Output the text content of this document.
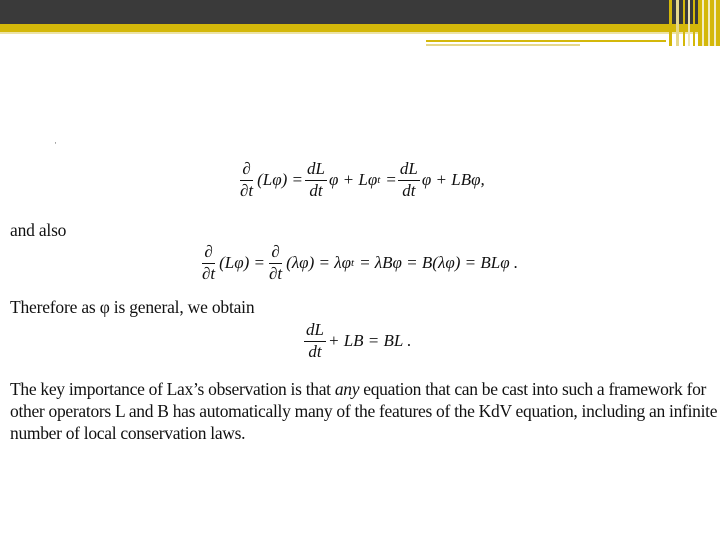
·
$\frac{\partial}{\partial t} (L\varphi) = \frac{dL}{dt}$ φ + Lφ $t = \frac{dL}{dt}$ φ + LBφ,
and also
$\frac{\partial}{\partial t} (L\varphi) = \frac{\partial}{\partial t} (\lambda\varphi) = \lambda\varphi$ t = λBφ = B(λφ) = BLφ .
Therefore as φ is general, we obtain
$\frac{dL}{dt}$ + LB = BL .

The key importance of Lax’s observation is that any equation that can be cast into such a framework for

other operators L and B has automatically many of the features of the KdV equation, including an infinite

number of local conservation laws.
